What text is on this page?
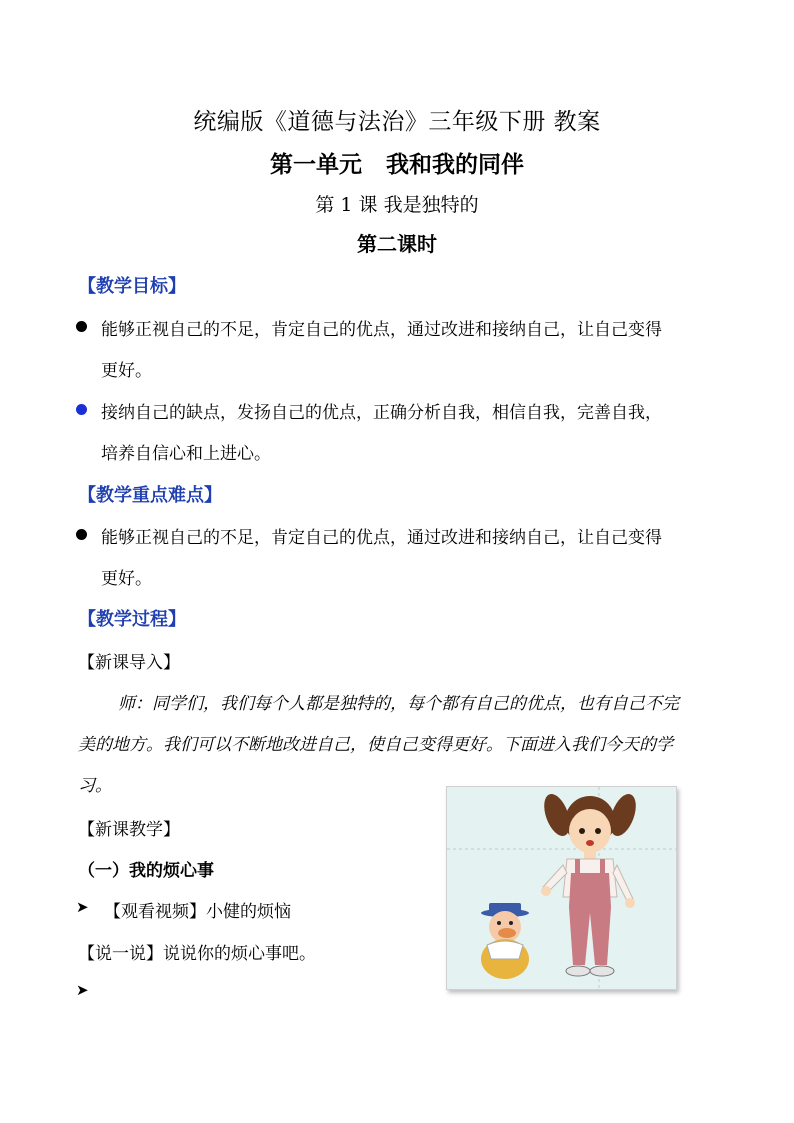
统编版《道德与法治》三年级下册 教案
第一单元   我和我的同伴
第 1 课 我是独特的
第二课时
【教学目标】
能够正视自己的不足，肯定自己的优点，通过改进和接纳自己，让自己变得
更好。
接纳自己的缺点，发扬自己的优点，正确分析自我，相信自我，完善自我，
培养自信心和上进心。
【教学重点难点】
能够正视自己的不足，肯定自己的优点，通过改进和接纳自己，让自己变得
更好。
【教学过程】
【新课导入】
师：同学们，我们每个人都是独特的，每个都有自己的优点，也有自己不完
美的地方。我们可以不断地改进自己，使自己变得更好。下面进入我们今天的学
习。
【新课教学】
（一）我的烦心事
➤ 【观看视频】小健的烦恼
【说一说】说说你的烦心事吧。
➤
